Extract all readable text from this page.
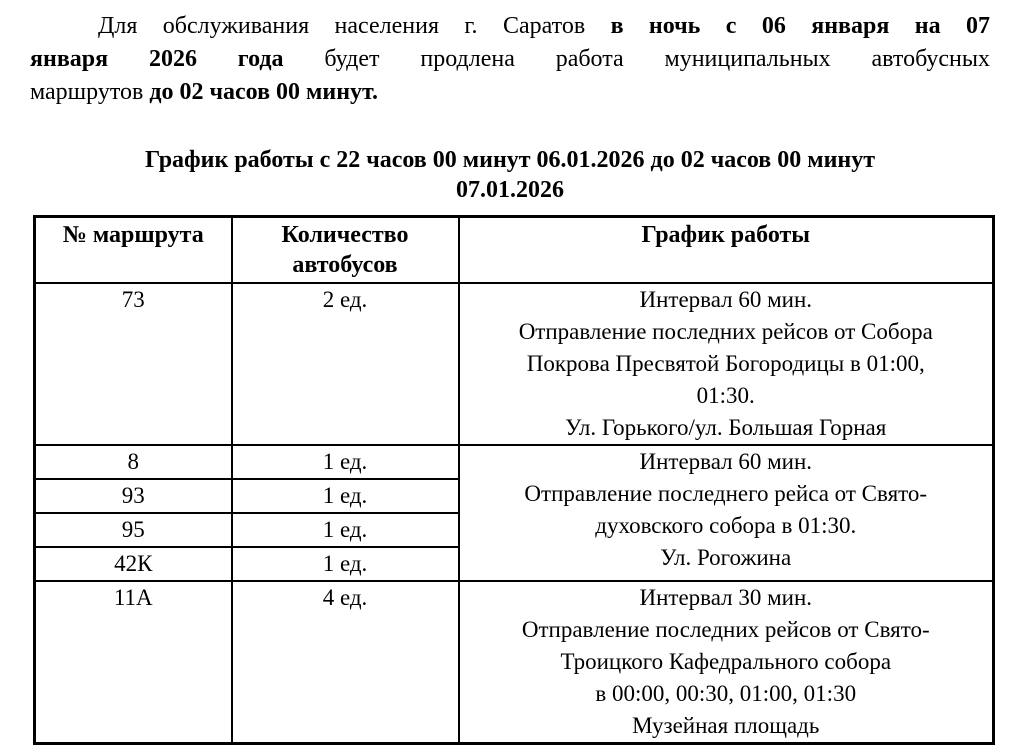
Для обслуживания населения г. Саратов в ночь с 06 января на 07
января 2026 года будет продлена работа муниципальных автобусных
маршрутов до 02 часов 00 минут.
График работы с 22 часов 00 минут 06.01.2026 до 02 часов 00 минут
07.01.2026
№ маршрута	Количество автобусов	График работы
73	2 ед.	Интервал 60 мин.
Отправление последних рейсов от Собора
Покрова Пресвятой Богородицы в 01:00,
01:30.
Ул. Горького/ул. Большая Горная

8	1 ед.	Интервал 60 мин.
Отправление последнего рейса от Свято-
духовского собора в 01:30.
Ул. Рогожина

93	1 ед.	
95	1 ед.	
42К	1 ед.	
11А	4 ед.	Интервал 30 мин.
Отправление последних рейсов от Свято-
Троицкого Кафедрального собора
в 00:00, 00:30, 01:00, 01:30
Музейная площадь
